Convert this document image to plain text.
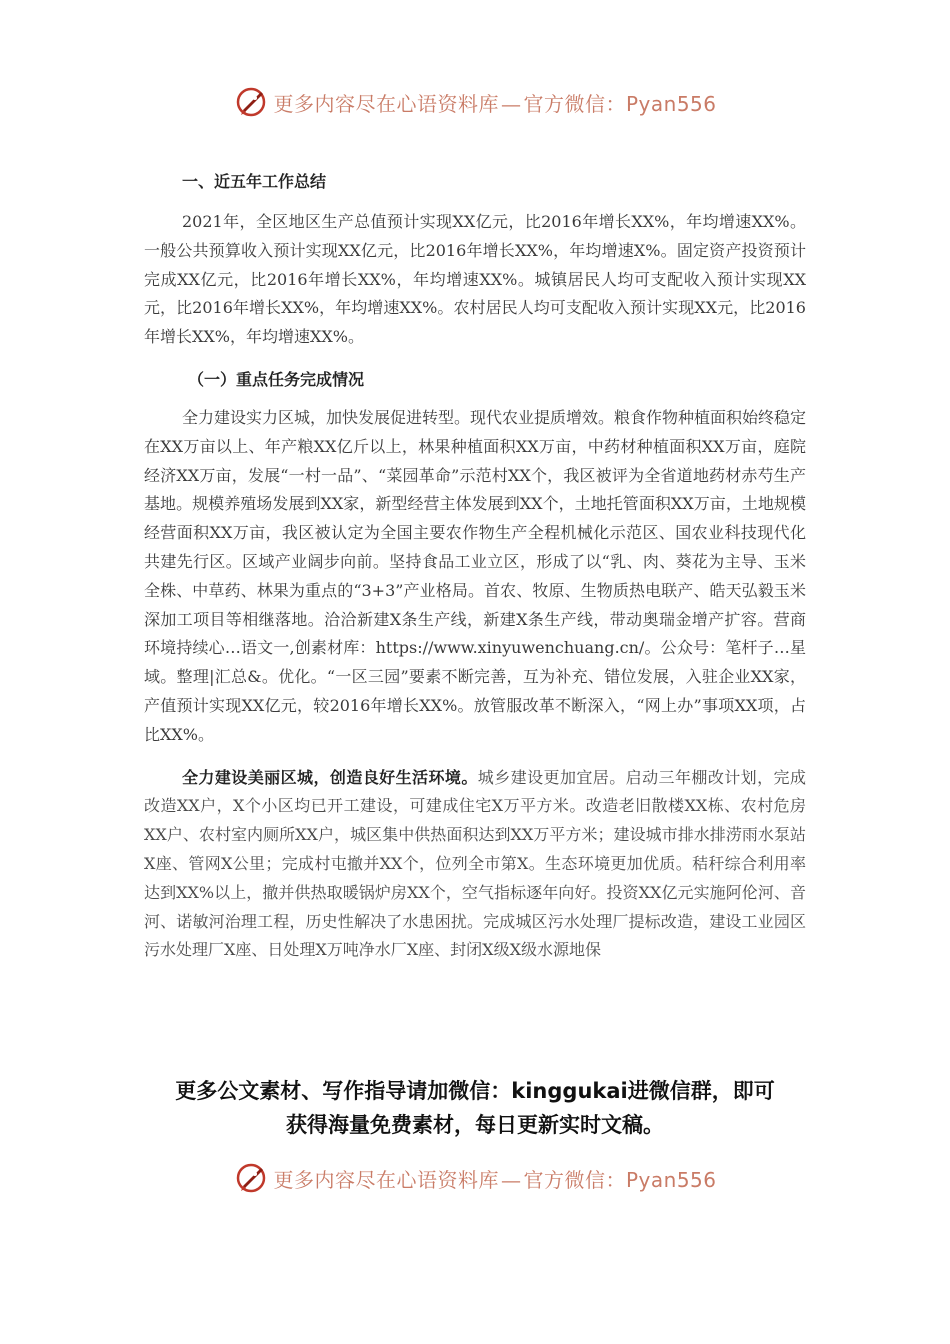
更多内容尽在心语资料库 — 官方微信：Pyan556
一、近五年工作总结

2021年，全区地区生产总值预计实现XX亿元，比2016年增长XX%，年均增速XX%。一般公共预算收入预计实现XX亿元，比2016年增长XX%，年均增速X%。固定资产投资预计完成XX亿元，比2016年增长XX%，年均增速XX%。城镇居民人均可支配收入预计实现XX元，比2016年增长XX%，年均增速XX%。农村居民人均可支配收入预计实现XX元，比2016年增长XX%，年均增速XX%。

（一）重点任务完成情况

全力建设实力区城，加快发展促进转型。现代农业提质增效。粮食作物种植面积始终稳定在XX万亩以上、年产粮XX亿斤以上，林果种植面积XX万亩，中药材种植面积XX万亩，庭院经济XX万亩，发展“一村一品”、“菜园革命”示范村XX个，我区被评为全省道地药材赤芍生产基地。规模养殖场发展到XX家，新型经营主体发展到XX个，土地托管面积XX万亩，土地规模经营面积XX万亩，我区被认定为全国主要农作物生产全程机械化示范区、国农业科技现代化共建先行区。区域产业阔步向前。坚持食品工业立区，形成了以“乳、肉、葵花为主导、玉米全株、中草药、林果为重点的“3+3”产业格局。首农、牧原、生物质热电联产、皓天弘毅玉米深加工项目等相继落地。洽洽新建X条生产线，新建X条生产线，带动奥瑞金增产扩容。营商环境持续心…语文一,创素材库：https://www.xinyuwenchuang.cn/。公众号：笔杆子…星域。整理|汇总&。优化。“一区三园”要素不断完善，互为补充、错位发展，入驻企业XX家，产值预计实现XX亿元，较2016年增长XX%。放管服改革不断深入，“网上办”事项XX项，占比XX%。

全力建设美丽区城，创造良好生活环境。城乡建设更加宜居。启动三年棚改计划，完成改造XX户，X个小区均已开工建设，可建成住宅X万平方米。改造老旧散楼XX栋、农村危房XX户、农村室内厕所XX户，城区集中供热面积达到XX万平方米；建设城市排水排涝雨水泵站X座、管网X公里；完成村屯撤并XX个，位列全市第X。生态环境更加优质。秸秆综合利用率达到XX%以上，撤并供热取暖锅炉房XX个，空气指标逐年向好。投资XX亿元实施阿伦河、音河、诺敏河治理工程，历史性解决了水患困扰。完成城区污水处理厂提标改造，建设工业园区污水处理厂X座、日处理X万吨净水厂X座、封闭X级X级水源地保

更多公文素材、写作指导请加微信：kinggukai进微信群，即可
获得海量免费素材，每日更新实时文稿。
更多内容尽在心语资料库 — 官方微信：Pyan556
